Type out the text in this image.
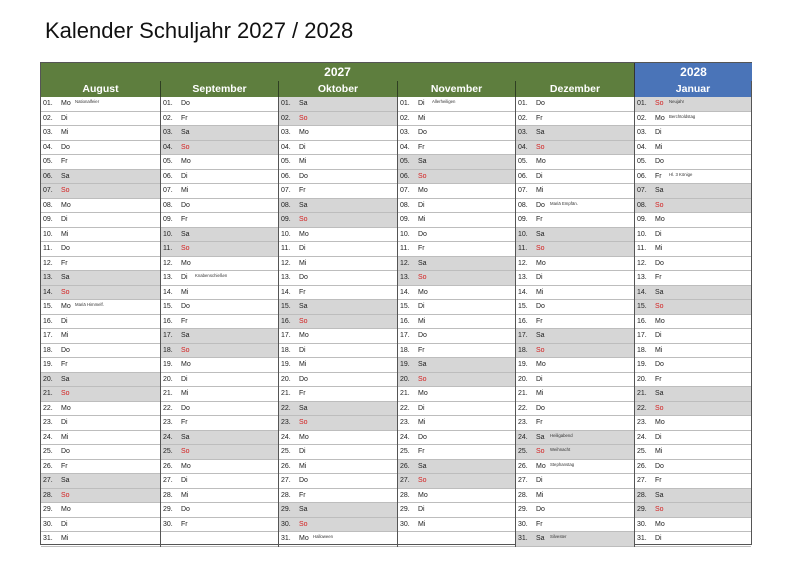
Kalender Schuljahr 2027 / 2028
2027	2028
August
01. Mo Nationalfeier
02. Di
03. Mi
04. Do
05. Fr
06. Sa
07. So
08. Mo
09. Di
10. Mi
11. Do
12. Fr
13. Sa
14. So
15. Mo Mariä Himmelf.
16. Di
17. Mi
18. Do
19. Fr
20. Sa
21. So
22. Mo
23. Di
24. Mi
25. Do
26. Fr
27. Sa
28. So
29. Mo
30. Di
31. Mi
September
01. Do
02. Fr
03. Sa
04. So
05. Mo
06. Di
07. Mi
08. Do
09. Fr
10. Sa
11. So
12. Mo
13. Di Knabenschießen
14. Mi
15. Do
16. Fr
17. Sa
18. So
19. Mo
20. Di
21. Mi
22. Do
23. Fr
24. Sa
25. So
26. Mo
27. Di
28. Mi
29. Do
30. Fr
Oktober
01. Sa
02. So
03. Mo
04. Di
05. Mi
06. Do
07. Fr
08. Sa
09. So
10. Mo
11. Di
12. Mi
13. Do
14. Fr
15. Sa
16. So
17. Mo
18. Di
19. Mi
20. Do
21. Fr
22. Sa
23. So
24. Mo
25. Di
26. Mi
27. Do
28. Fr
29. Sa
30. So
31. Mo Halloween
November
01. Di Allerheiligen
02. Mi
03. Do
04. Fr
05. Sa
06. So
07. Mo
08. Di
09. Mi
10. Do
11. Fr
12. Sa
13. So
14. Mo
15. Di
16. Mi
17. Do
18. Fr
19. Sa
20. So
21. Mo
22. Di
23. Mi
24. Do
25. Fr
26. Sa
27. So
28. Mo
29. Di
30. Mi
Dezember
01. Do
02. Fr
03. Sa
04. So
05. Mo
06. Di
07. Mi
08. Do Mariä Empfän.
09. Fr
10. Sa
11. So
12. Mo
13. Di
14. Mi
15. Do
16. Fr
17. Sa
18. So
19. Mo
20. Di
21. Mi
22. Do
23. Fr
24. Sa Heiligabend
25. So Weihnacht
26. Mo Stephanstag
27. Di
28. Mi
29. Do
30. Fr
31. Sa Silvester
Januar
01. So Neujahr
02. Mo Berchtoldstag
03. Di
04. Mi
05. Do
06. Fr Hl. 3 Könige
07. Sa
08. So
09. Mo
10. Di
11. Mi
12. Do
13. Fr
14. Sa
15. So
16. Mo
17. Di
18. Mi
19. Do
20. Fr
21. Sa
22. So
23. Mo
24. Di
25. Mi
26. Do
27. Fr
28. Sa
29. So
30. Mo
31. Di
